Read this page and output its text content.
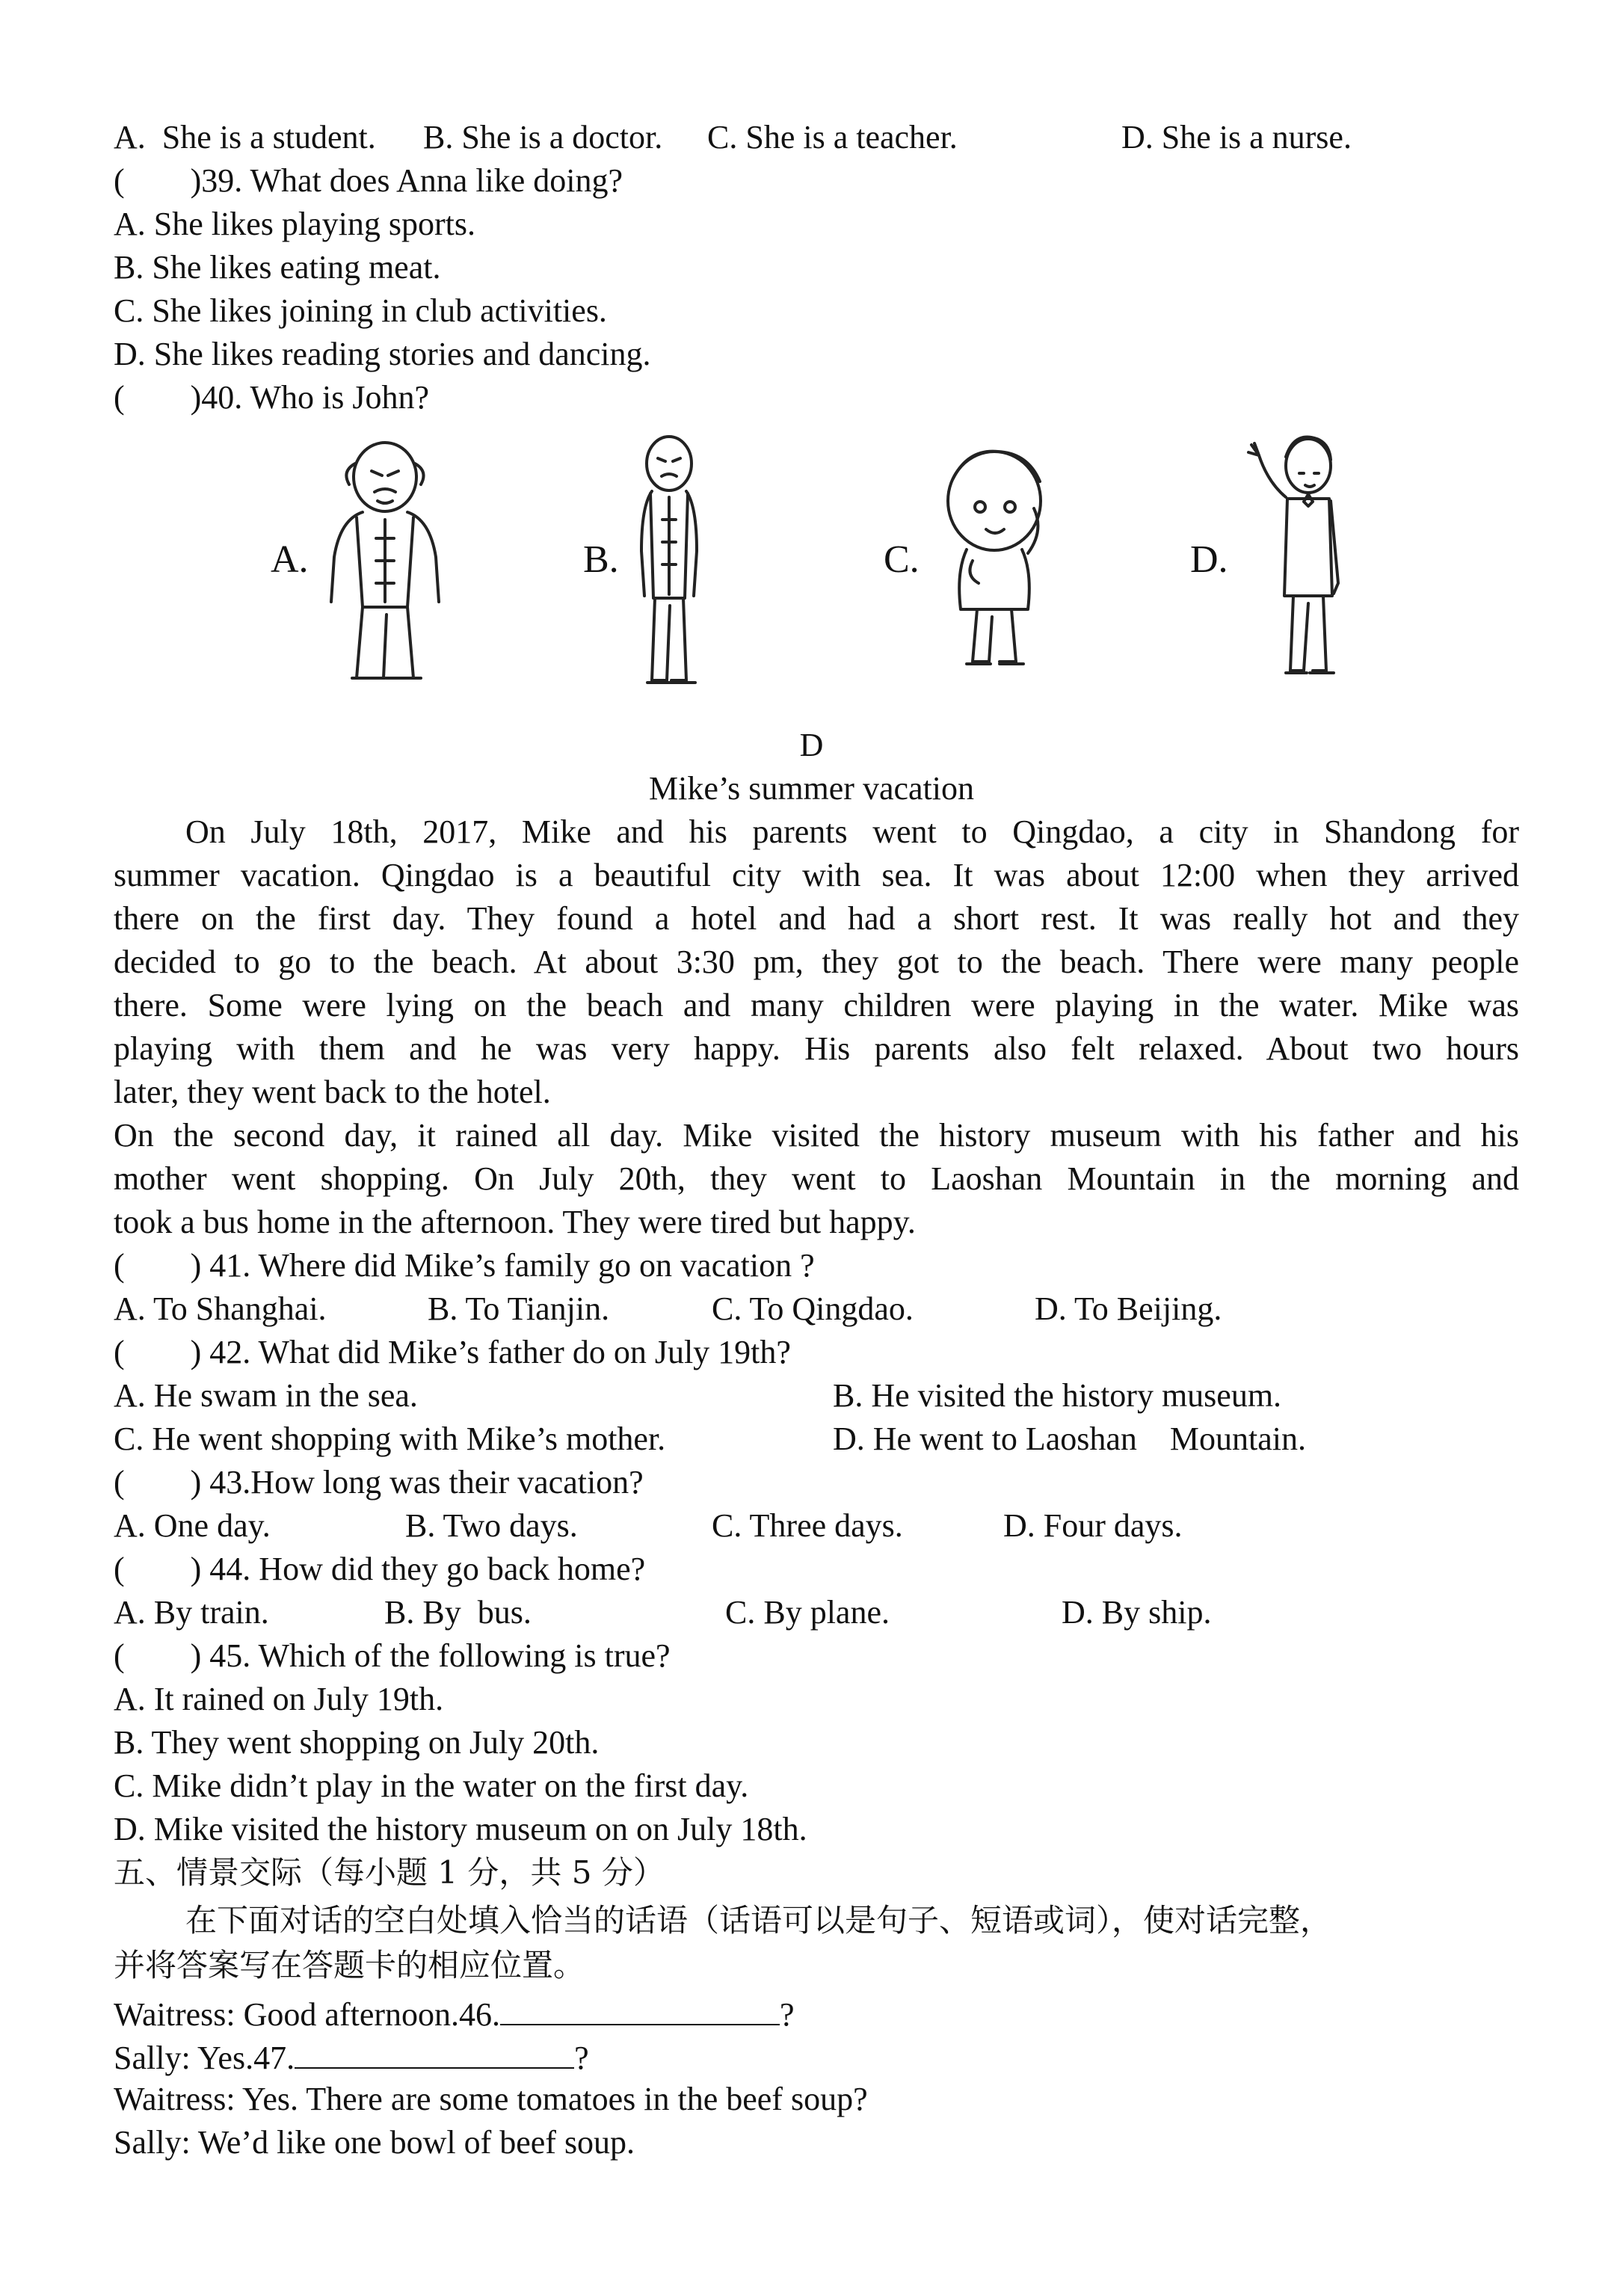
A.  She is a student. B. She is a doctor. C. She is a teacher.	D. She is a nurse.
(        )39. What does Anna like doing?
A. She likes playing sports.
B. She likes eating meat.
C. She likes joining in club activities.
D. She likes reading stories and dancing.
(        )40. Who is John?
A.	B.	C.	D.
D
Mike’s summer vacation
On July 18th, 2017, Mike and his parents went to Qingdao, a city in Shandong for
summer vacation. Qingdao is a beautiful city with sea. It was about 12:00 when they arrived
there on the first day. They found a hotel and had a short rest. It was really hot and they
decided to go to the beach. At about 3:30 pm, they got to the beach. There were many people
there. Some were lying on the beach and many children were playing in the water. Mike was
playing with them and he was very happy. His parents also felt relaxed. About two hours
later, they went back to the hotel.
On the second day, it rained all day. Mike visited the history museum with his father and his
mother went shopping. On July 20th, they went to Laoshan Mountain in the morning and
took a bus home in the afternoon. They were tired but happy.
(        ) 41. Where did Mike’s family go on vacation ?
A. To Shanghai.	B. To Tianjin.	C. To Qingdao.	D. To Beijing.
(        ) 42. What did Mike’s father do on July 19th?
A. He swam in the sea.	B. He visited the history museum.
C. He went shopping with Mike’s mother.	D. He went to Laoshan    Mountain.
(        ) 43.How long was their vacation?
A. One day.	B. Two days.	C. Three days.	D. Four days.
(        ) 44. How did they go back home?
A. By train.	B. By  bus.	C. By plane.	D. By ship.
(        ) 45. Which of the following is true?
A. It rained on July 19th.
B. They went shopping on July 20th.
C. Mike didn’t play in the water on the first day.
D. Mike visited the history museum on on July 18th.
五、情景交际（每小题 1 分，共 5 分）
在下面对话的空白处填入恰当的话语（话语可以是句子、短语或词），使对话完整，
并将答案写在答题卡的相应位置。
Waitress: Good afternoon.46.	?
Sally: Yes.47.	?
Waitress: Yes. There are some tomatoes in the beef soup?
Sally: We’d like one bowl of beef soup.
